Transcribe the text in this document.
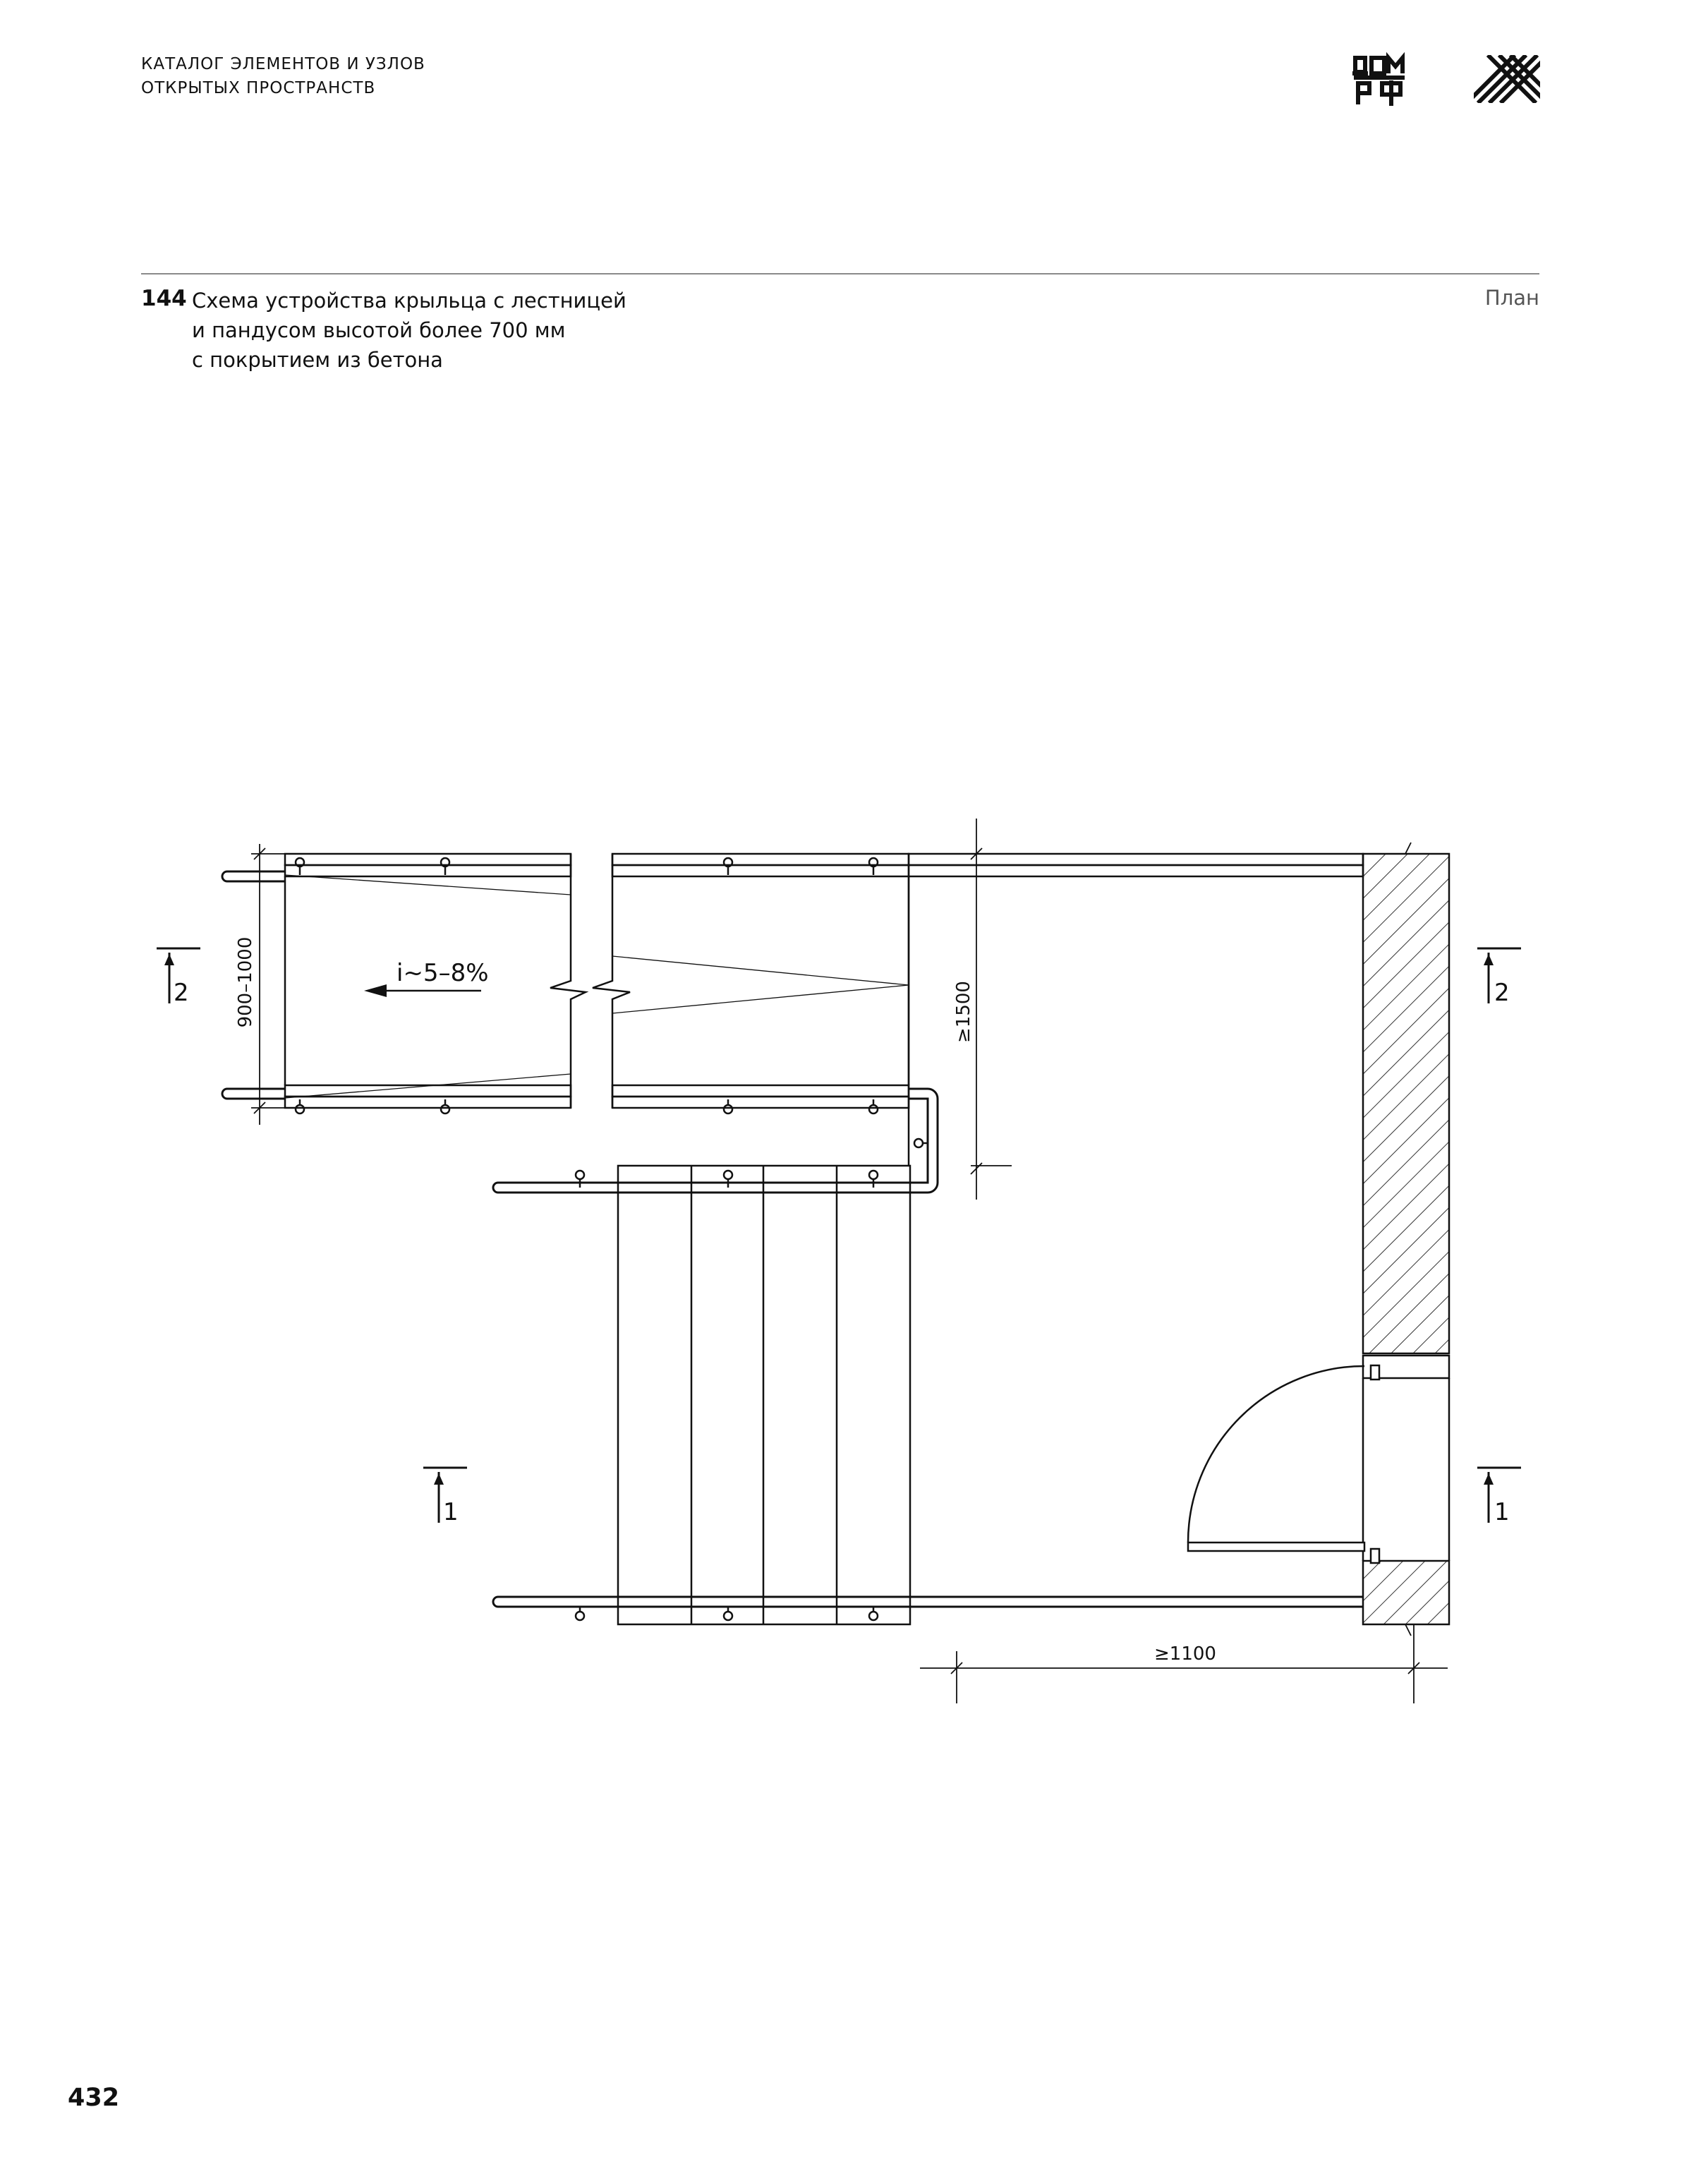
КАТАЛОГ ЭЛЕМЕНТОВ И УЗЛОВ
ОТКРЫТЫХ ПРОСТРАНСТВ
144 Схема устройства крыльца с лестницей
и пандусом высотой более 700 мм
с покрытием из бетона
План
i~5–8%
900–1000	≥1500
≥1100
2	2
1	1
432
